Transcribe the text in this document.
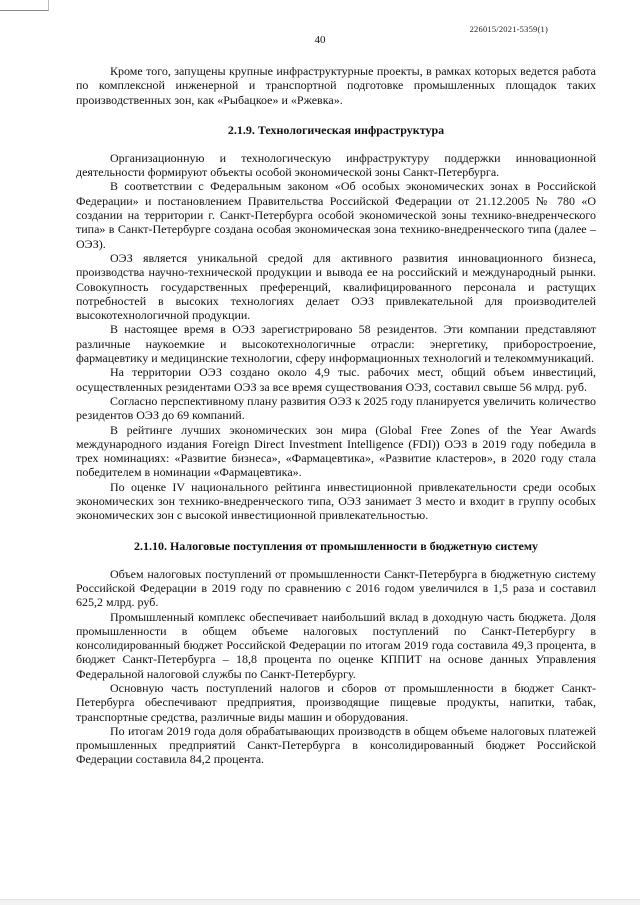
226015/2021-5359(1)
40

Кроме того, запущены крупные инфраструктурные проекты, в рамках которых ведется работа по комплексной инженерной и транспортной подготовке промышленных площадок таких производственных зон, как «Рыбацкое» и «Ржевка».

2.1.9. Технологическая инфраструктура

Организационную и технологическую инфраструктуру поддержки инновационной деятельности формируют объекты особой экономической зоны Санкт-Петербурга.

В соответствии с Федеральным законом «Об особых экономических зонах в Российской Федерации» и постановлением Правительства Российской Федерации от 21.12.2005 № 780 «О создании на территории г. Санкт-Петербурга особой экономической зоны технико-внедренческого типа» в Санкт-Петербурге создана особая экономическая зона технико-внедренческого типа (далее – ОЭЗ).

ОЭЗ является уникальной средой для активного развития инновационного бизнеса, производства научно-технической продукции и вывода ее на российский и международный рынки. Совокупность государственных преференций, квалифицированного персонала и растущих потребностей в высоких технологиях делает ОЭЗ привлекательной для производителей высокотехнологичной продукции.

В настоящее время в ОЭЗ зарегистрировано 58 резидентов. Эти компании представляют различные наукоемкие и высокотехнологичные отрасли: энергетику, приборостроение, фармацевтику и медицинские технологии, сферу информационных технологий и телекоммуникаций.

На территории ОЭЗ создано около 4,9 тыс. рабочих мест, общий объем инвестиций, осуществленных резидентами ОЭЗ за все время существования ОЭЗ, составил свыше 56 млрд. руб.

Согласно перспективному плану развития ОЭЗ к 2025 году планируется увеличить количество резидентов ОЭЗ до 69 компаний.

В рейтинге лучших экономических зон мира (Global Free Zones of the Year Awards международного издания Foreign Direct Investment Intelligence (FDI)) ОЭЗ в 2019 году победила в трех номинациях: «Развитие бизнеса», «Фармацевтика», «Развитие кластеров», в 2020 году стала победителем в номинации «Фармацевтика».

По оценке IV национального рейтинга инвестиционной привлекательности среди особых экономических зон технико-внедренческого типа, ОЭЗ занимает 3 место и входит в группу особых экономических зон с высокой инвестиционной привлекательностью.

2.1.10. Налоговые поступления от промышленности в бюджетную систему

Объем налоговых поступлений от промышленности Санкт-Петербурга в бюджетную систему Российской Федерации в 2019 году по сравнению с 2016 годом увеличился в 1,5 раза и составил 625,2 млрд. руб.

Промышленный комплекс обеспечивает наибольший вклад в доходную часть бюджета. Доля промышленности в общем объеме налоговых поступлений по Санкт-Петербургу в консолидированный бюджет Российской Федерации по итогам 2019 года составила 49,3 процента, в бюджет Санкт-Петербурга – 18,8 процента по оценке КППИТ на основе данных Управления Федеральной налоговой службы по Санкт-Петербургу.

Основную часть поступлений налогов и сборов от промышленности в бюджет Санкт-Петербурга обеспечивают предприятия, производящие пищевые продукты, напитки, табак, транспортные средства, различные виды машин и оборудования.

По итогам 2019 года доля обрабатывающих производств в общем объеме налоговых платежей промышленных предприятий Санкт-Петербурга в консолидированный бюджет Российской Федерации составила 84,2 процента.
